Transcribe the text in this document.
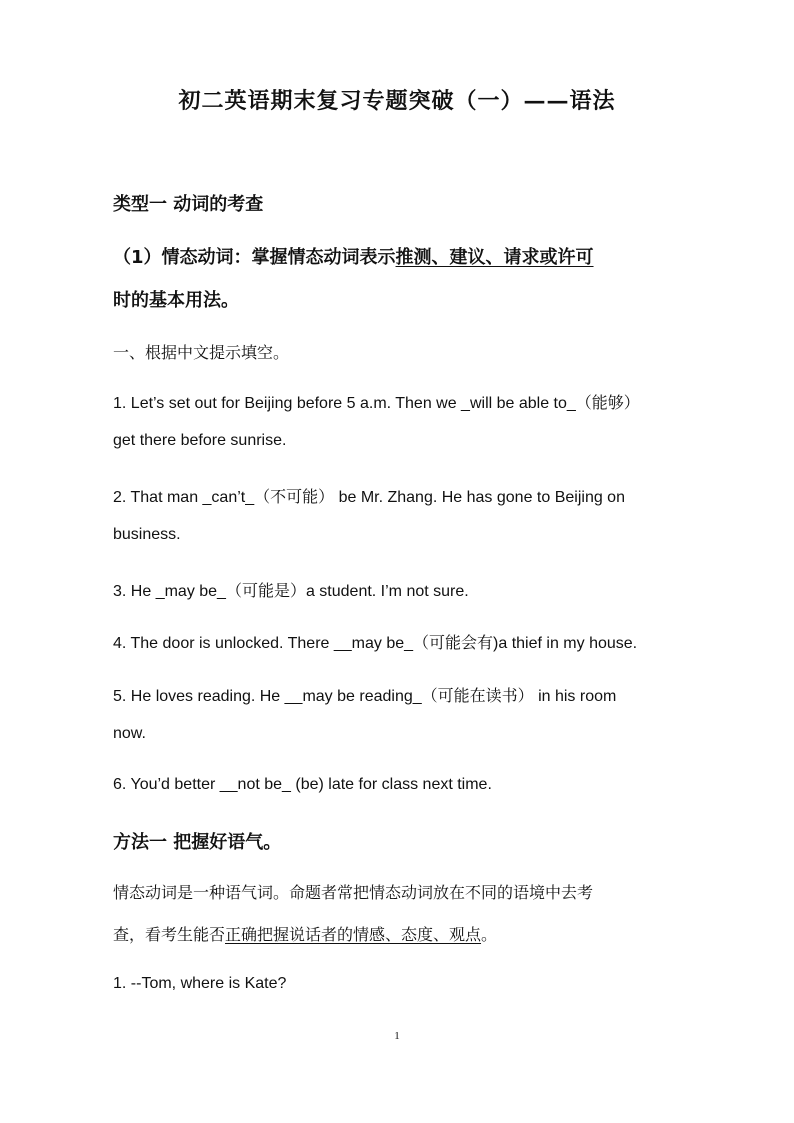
初二英语期末复习专题突破（一）——语法
类型一 动词的考查
（1）情态动词：掌握情态动词表示推测、建议、请求或许可
时的基本用法。
一、根据中文提示填空。
1. Let’s set out for Beijing before 5 a.m. Then we _will be able to_（能够）
get there before sunrise.
2. That man _can’t_（不可能） be Mr. Zhang. He has gone to Beijing on
business.
3. He _may be_（可能是）a student. I’m not sure.
4. The door is unlocked. There __may be_（可能会有)a thief in my house.
5. He loves reading. He __may be reading_（可能在读书） in his room
now.
6. You’d better __not be_ (be) late for class next time.
方法一 把握好语气。
情态动词是一种语气词。命题者常把情态动词放在不同的语境中去考
查，看考生能否正确把握说话者的情感、态度、观点。
1. --Tom, where is Kate?
1
